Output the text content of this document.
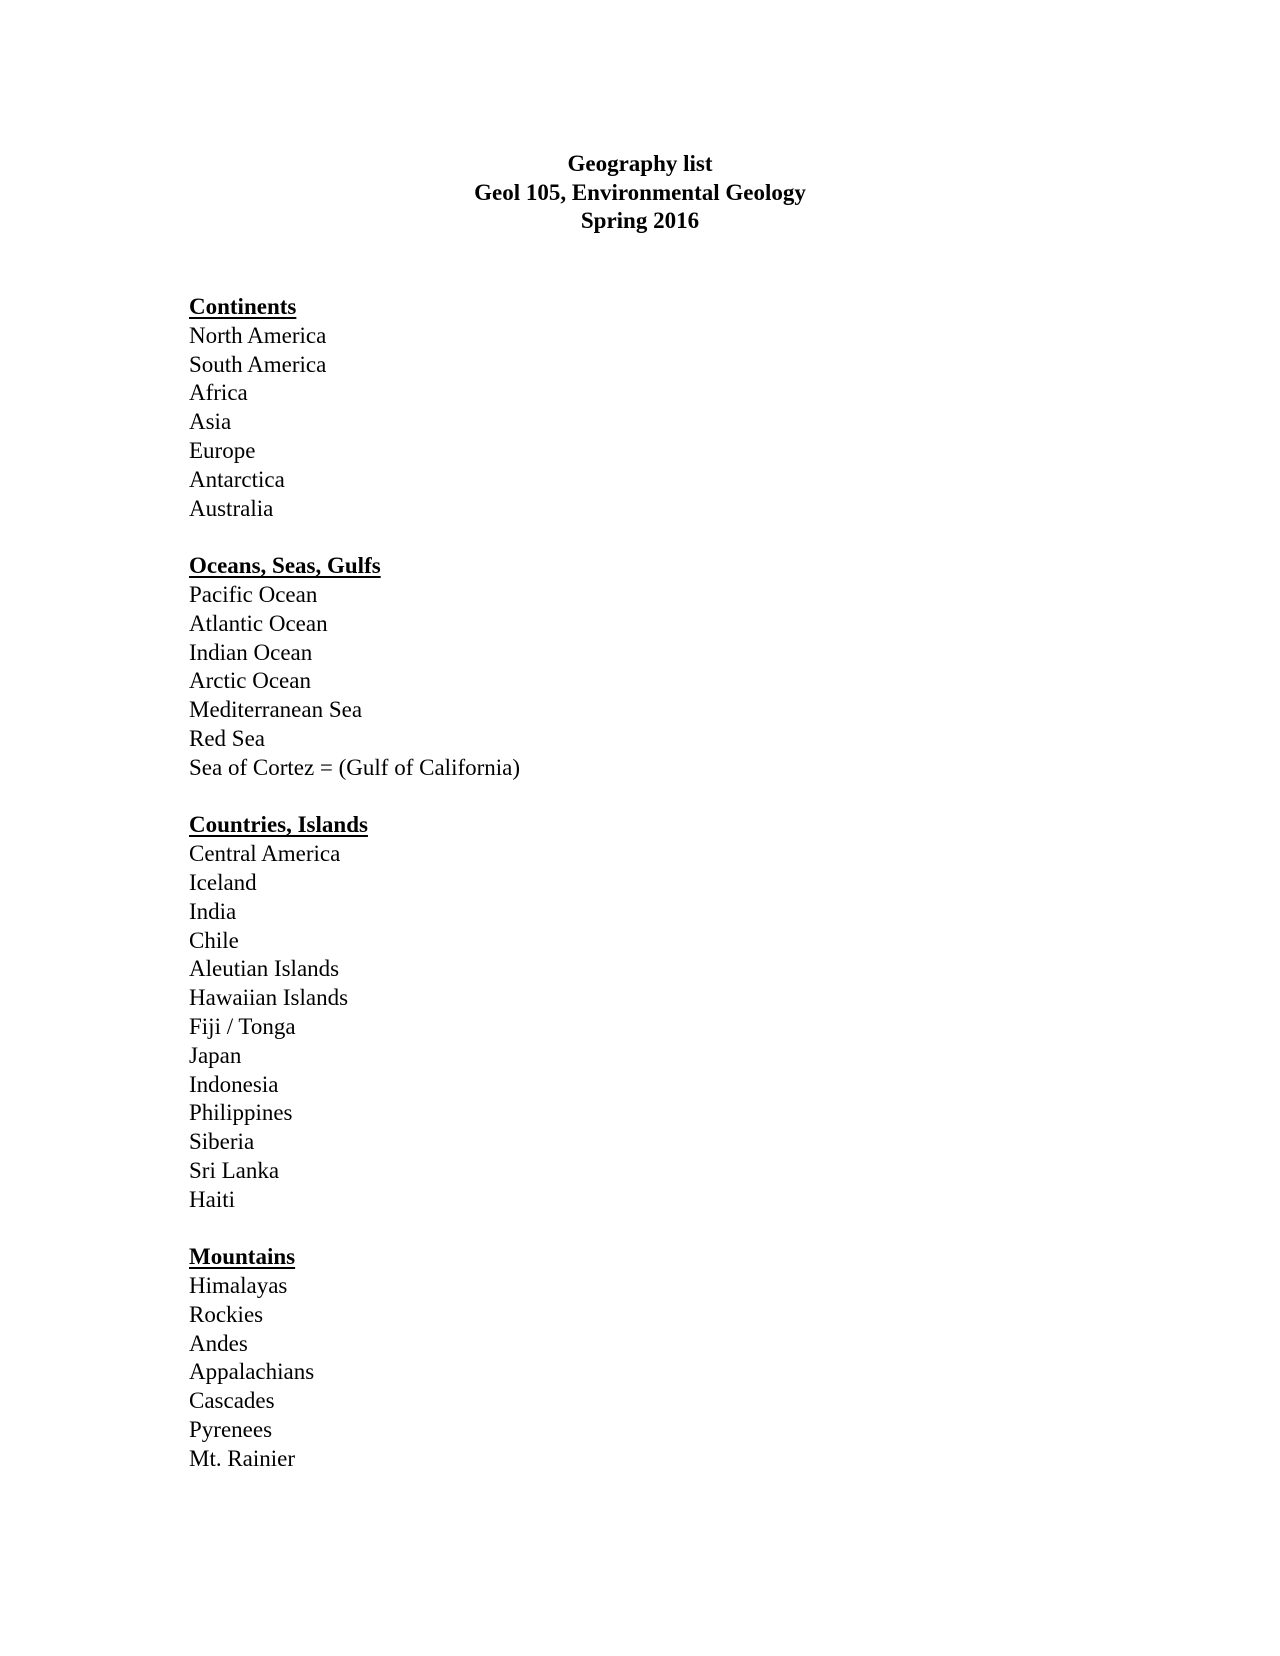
Geography list
Geol 105, Environmental Geology
Spring 2016
Continents
North America
South America
Africa
Asia
Europe
Antarctica
Australia
Oceans, Seas, Gulfs
Pacific Ocean
Atlantic Ocean
Indian Ocean
Arctic Ocean
Mediterranean Sea
Red Sea
Sea of Cortez = (Gulf of California)
Countries, Islands
Central America
Iceland
India
Chile
Aleutian Islands
Hawaiian Islands
Fiji / Tonga
Japan
Indonesia
Philippines
Siberia
Sri Lanka
Haiti
Mountains
Himalayas
Rockies
Andes
Appalachians
Cascades
Pyrenees
Mt. Rainier
